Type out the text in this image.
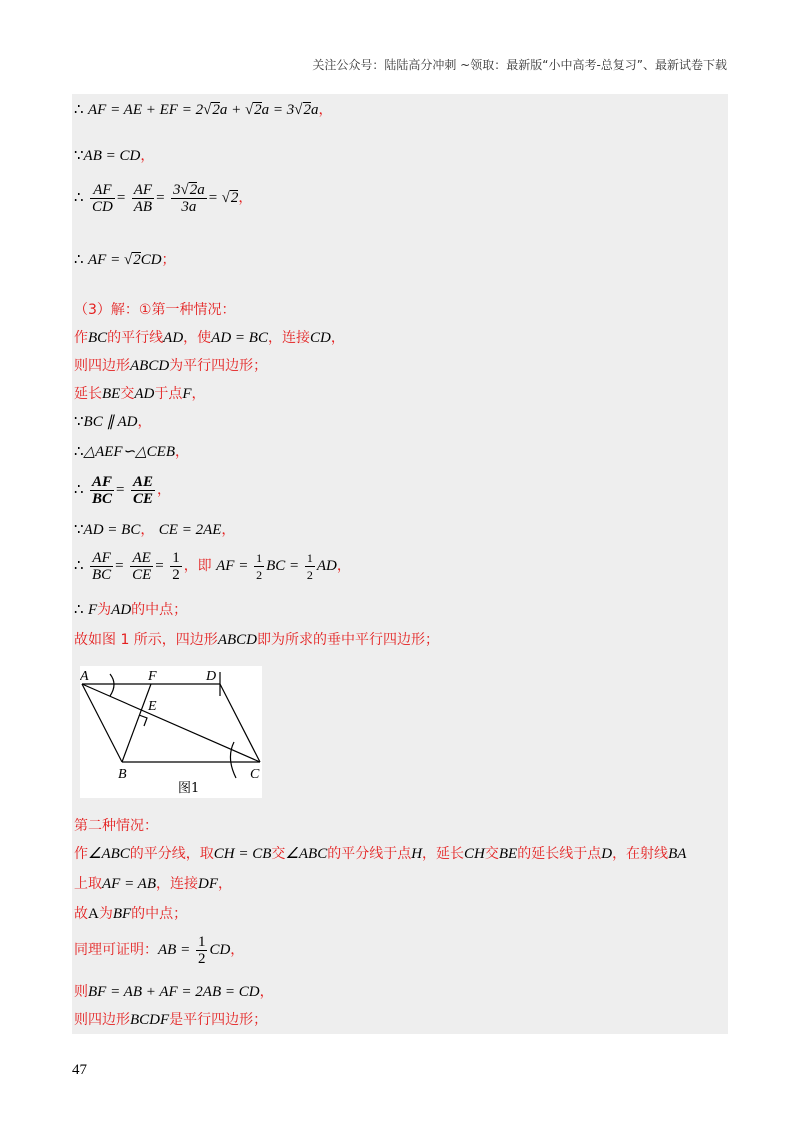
关注公众号：陆陆高分冲刺 ~领取：最新版“小中高考-总复习”、最新试卷下载
∴ AF = AE + EF = 2√2a + √2a = 3√2a，
∵AB = CD，
∴ $\frac{AF}{CD} = \frac{AF}{AB} = \frac{3√2a}{3a} = √2$，
∴ AF = √2CD；
（3）解：①第一种情况：
作BC的平行线AD，使AD = BC，连接CD，
则四边形ABCD为平行四边形；
延长BE交AD于点F，
∵BC ∥ AD，
∴△AEF∽△CEB，
∴ $\frac{AF}{BC} = \frac{AE}{CE}$ ，
∵AD = BC， CE = 2AE，
∴ $\frac{AF}{BC} = \frac{AE}{CE} = \frac{1}{2}$ ，即 AF = $\frac{1}{2}$ BC = $\frac{1}{2}$ AD，
∴ F为AD的中点；
故如图 1 所示，四边形ABCD即为所求的垂中平行四边形；
第二种情况：
作∠ABC的平分线，取CH = CB交∠ABC的平分线于点H，延长CH交BE的延长线于点D，在射线BA
上取AF = AB，连接DF，
故A为BF的中点；
同理可证明：AB = $\frac{1}{2}$ CD，
则BF = AB + AF = 2AB = CD，
则四边形BCDF是平行四边形；
A	F	D
E
B	C
图1
47
